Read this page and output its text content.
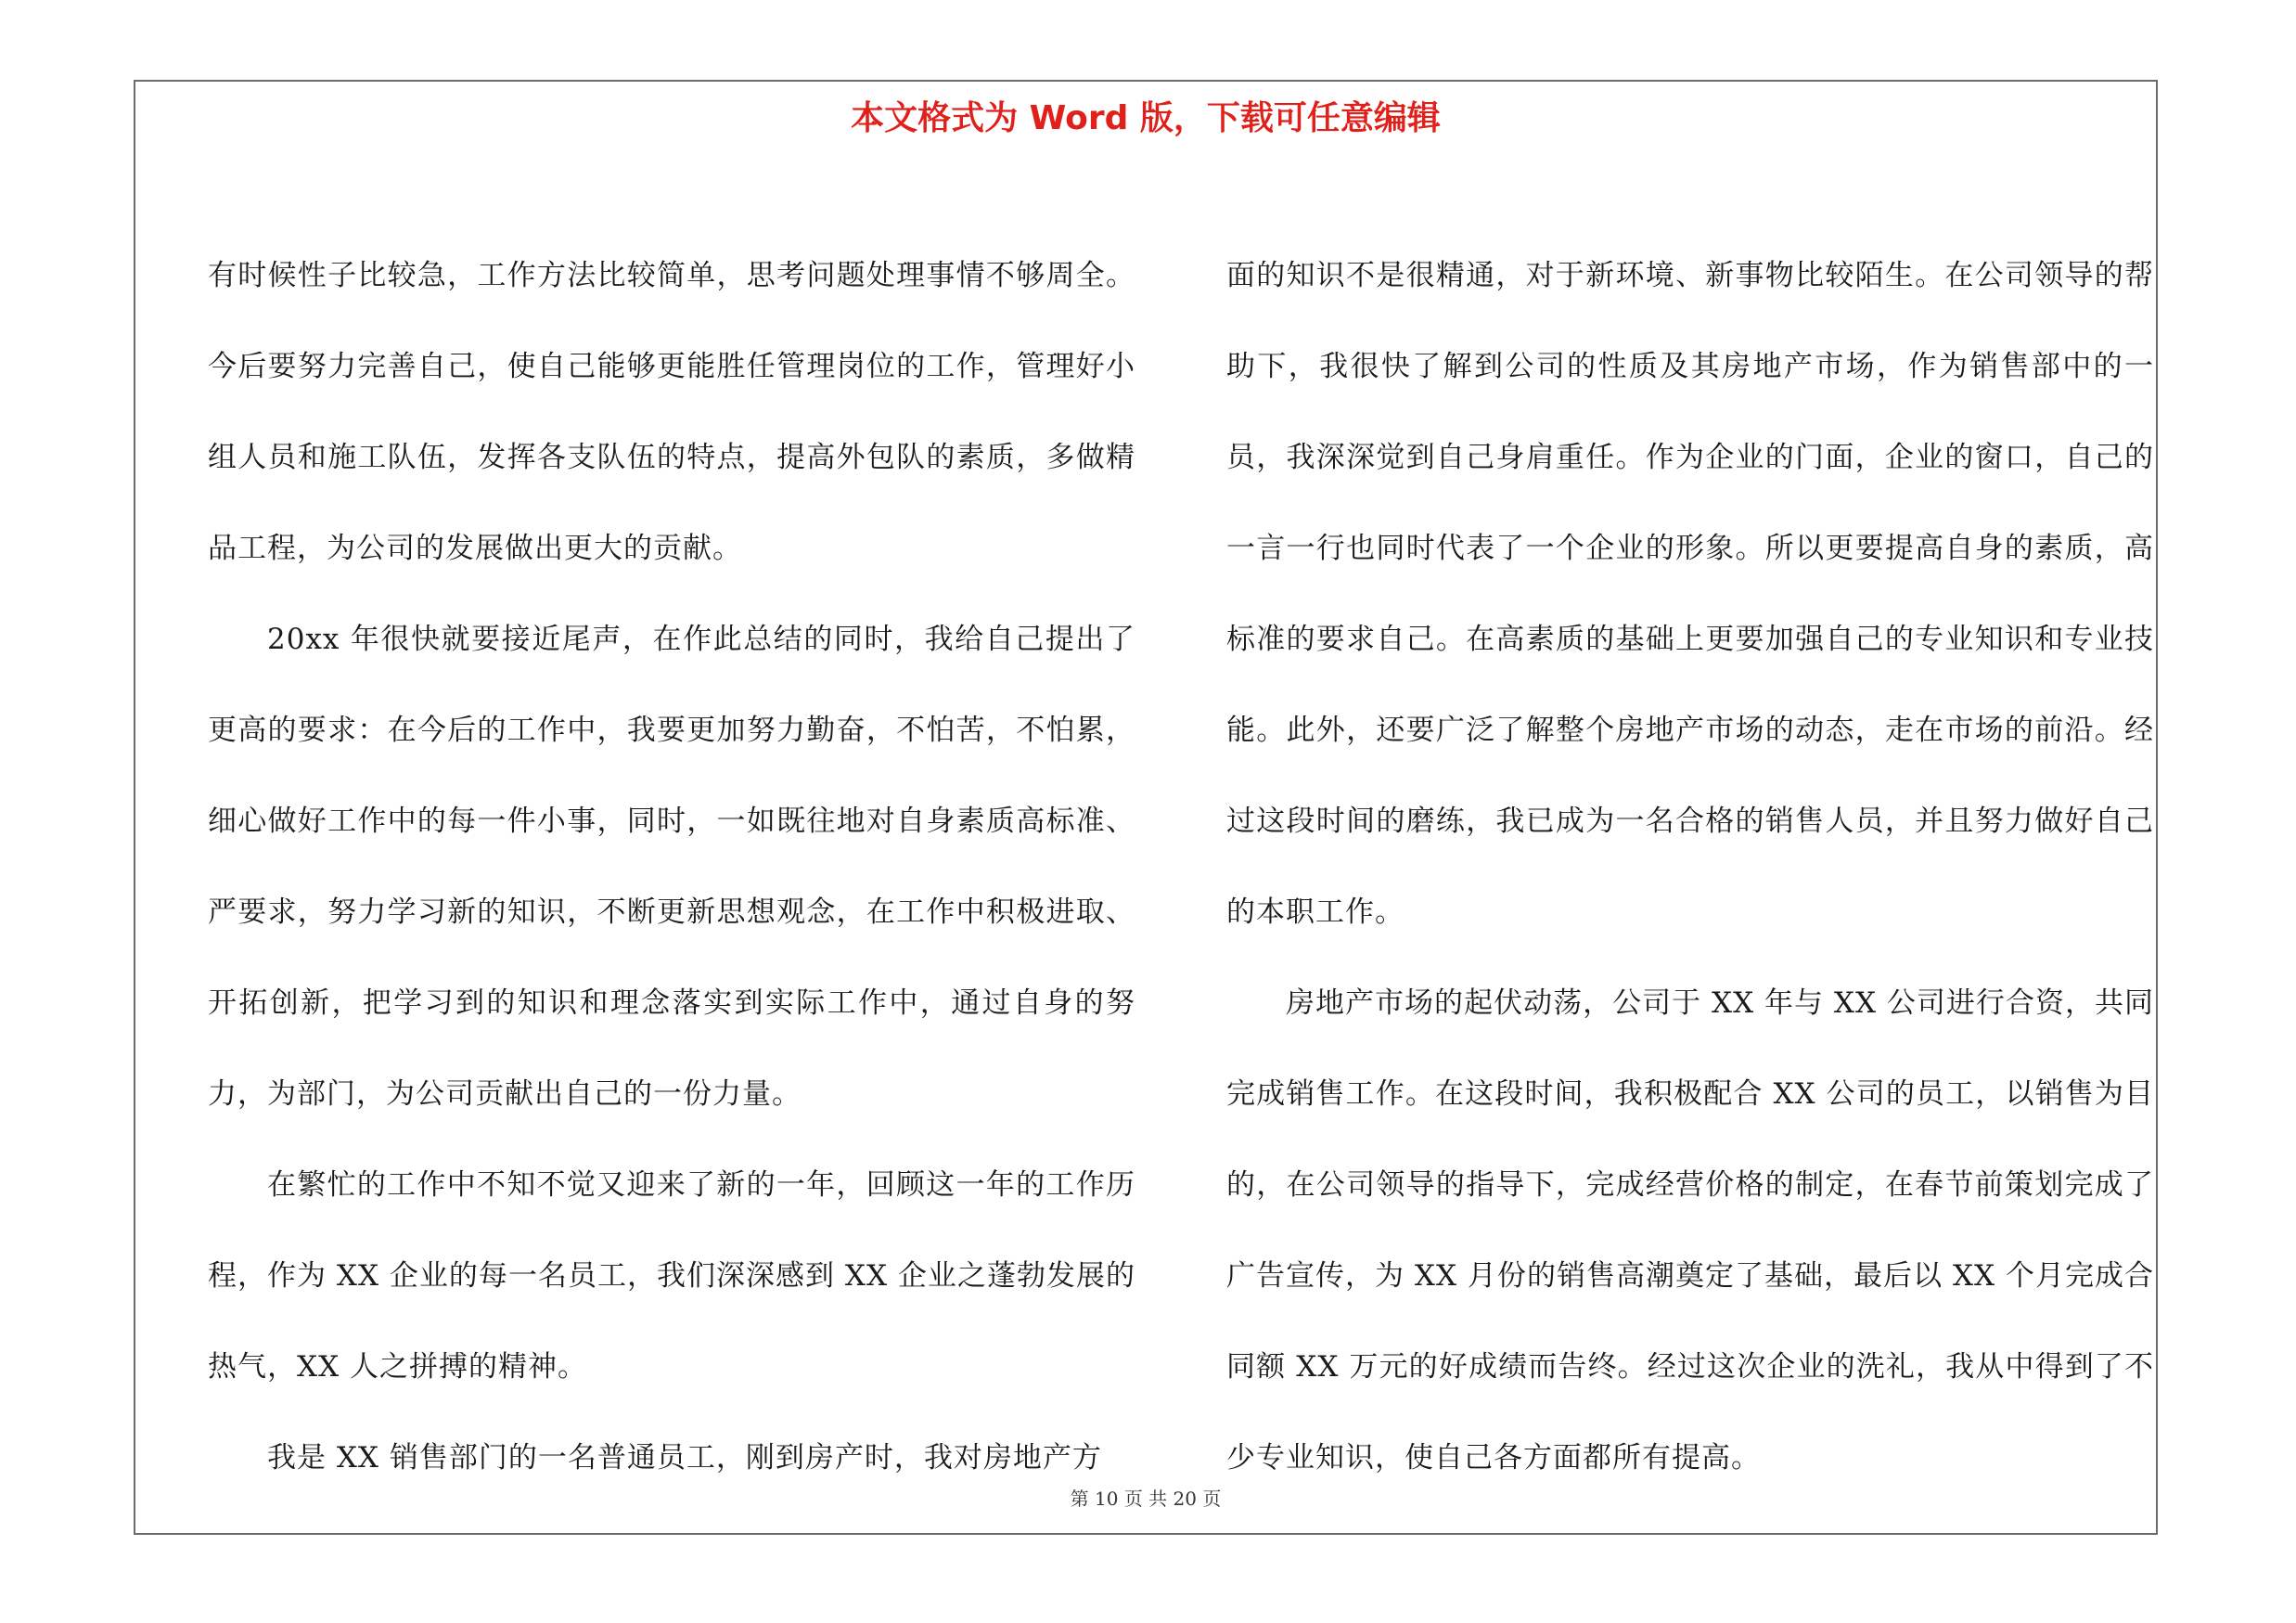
本文格式为 Word 版，下载可任意编辑

有时候性子比较急，工作方法比较简单，思考问题处理事情不够周全。今后要努力完善自己，使自己能够更能胜任管理岗位的工作，管理好小组人员和施工队伍，发挥各支队伍的特点，提高外包队的素质，多做精品工程，为公司的发展做出更大的贡献。

20xx 年很快就要接近尾声，在作此总结的同时，我给自己提出了更高的要求：在今后的工作中，我要更加努力勤奋，不怕苦，不怕累，细心做好工作中的每一件小事，同时，一如既往地对自身素质高标准、严要求，努力学习新的知识，不断更新思想观念，在工作中积极进取、开拓创新，把学习到的知识和理念落实到实际工作中，通过自身的努力，为部门，为公司贡献出自己的一份力量。

在繁忙的工作中不知不觉又迎来了新的一年，回顾这一年的工作历程，作为 XX 企业的每一名员工，我们深深感到 XX 企业之蓬勃发展的热气，XX 人之拼搏的精神。

我是 XX 销售部门的一名普通员工，刚到房产时，我对房地产方

面的知识不是很精通，对于新环境、新事物比较陌生。在公司领导的帮助下，我很快了解到公司的性质及其房地产市场，作为销售部中的一员，我深深觉到自己身肩重任。作为企业的门面，企业的窗口，自己的一言一行也同时代表了一个企业的形象。所以更要提高自身的素质，高标准的要求自己。在高素质的基础上更要加强自己的专业知识和专业技能。此外，还要广泛了解整个房地产市场的动态，走在市场的前沿。经过这段时间的磨练，我已成为一名合格的销售人员，并且努力做好自己的本职工作。

房地产市场的起伏动荡，公司于 XX 年与 XX 公司进行合资，共同完成销售工作。在这段时间，我积极配合 XX 公司的员工，以销售为目的，在公司领导的指导下，完成经营价格的制定，在春节前策划完成了广告宣传，为 XX 月份的销售高潮奠定了基础，最后以 XX 个月完成合同额 XX 万元的好成绩而告终。经过这次企业的洗礼，我从中得到了不少专业知识，使自己各方面都所有提高。

第 10 页 共 20 页
